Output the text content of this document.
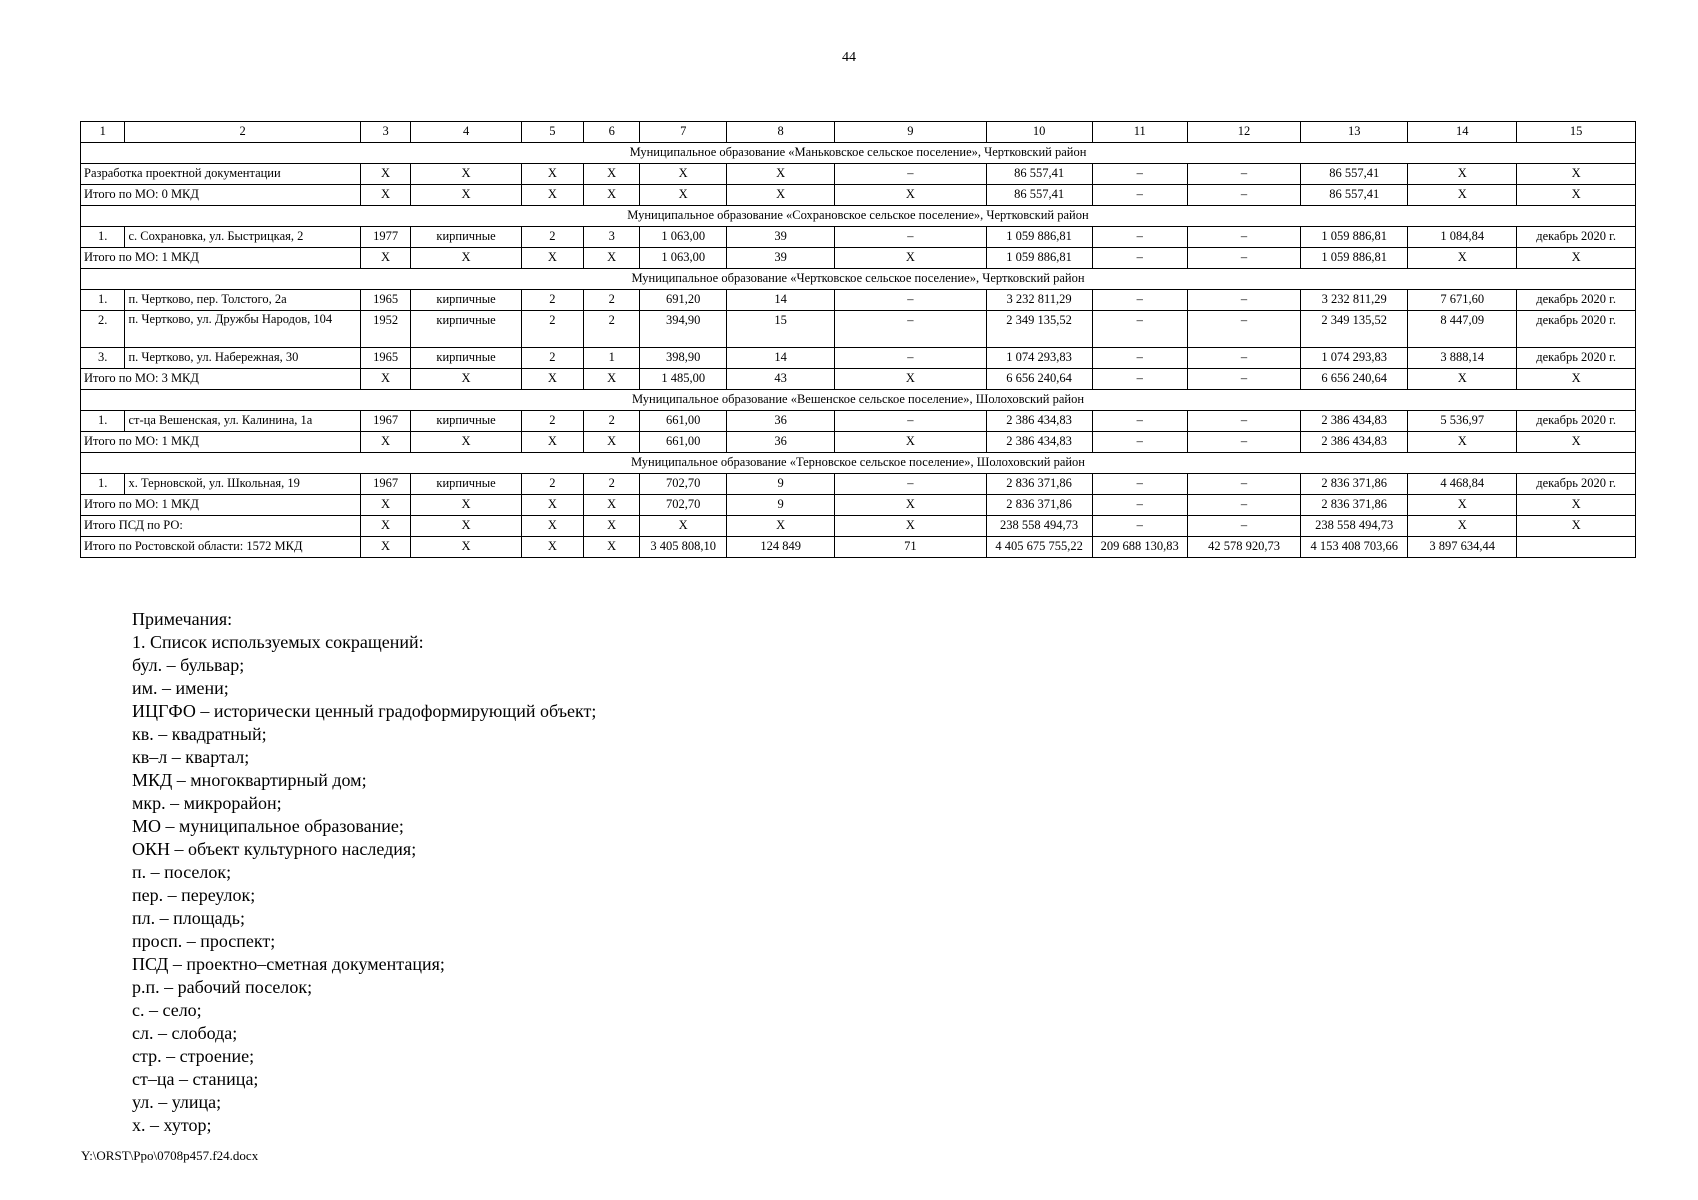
44
1	2	3	4	5	6	7	8	9	10	11	12	13	14	15
Муниципальное образование «Маньковское сельское поселение», Чертковский район														
Разработка проектной документации		Х	Х	Х	Х	Х	Х	–	86 557,41	–	–	86 557,41	Х	Х
Итого по МО: 0 МКД		Х	Х	Х	Х	Х	Х	Х	86 557,41	–	–	86 557,41	Х	Х
Муниципальное образование «Сохрановское сельское поселение», Чертковский район														
1.	с. Сохрановка, ул. Быстрицкая, 2	1977	кирпичные	2	3	1 063,00	39	–	1 059 886,81	–	–	1 059 886,81	1 084,84	декабрь 2020 г.
Итого по МО: 1 МКД		Х	Х	Х	Х	1 063,00	39	Х	1 059 886,81	–	–	1 059 886,81	Х	Х
Муниципальное образование «Чертковское сельское поселение», Чертковский район														
1.	п. Чертково, пер. Толстого, 2а	1965	кирпичные	2	2	691,20	14	–	3 232 811,29	–	–	3 232 811,29	7 671,60	декабрь 2020 г.
2.	п. Чертково, ул. Дружбы Народов, 104	1952	кирпичные	2	2	394,90	15	–	2 349 135,52	–	–	2 349 135,52	8 447,09	декабрь 2020 г.
3.	п. Чертково, ул. Набережная, 30	1965	кирпичные	2	1	398,90	14	–	1 074 293,83	–	–	1 074 293,83	3 888,14	декабрь 2020 г.
Итого по МО: 3 МКД		Х	Х	Х	Х	1 485,00	43	Х	6 656 240,64	–	–	6 656 240,64	Х	Х
Муниципальное образование «Вешенское сельское поселение», Шолоховский район														
1.	ст-ца Вешенская, ул. Калинина, 1а	1967	кирпичные	2	2	661,00	36	–	2 386 434,83	–	–	2 386 434,83	5 536,97	декабрь 2020 г.
Итого по МО: 1 МКД		Х	Х	Х	Х	661,00	36	Х	2 386 434,83	–	–	2 386 434,83	Х	Х
Муниципальное образование «Терновское сельское поселение», Шолоховский район														
1.	х. Терновской, ул. Школьная, 19	1967	кирпичные	2	2	702,70	9	–	2 836 371,86	–	–	2 836 371,86	4 468,84	декабрь 2020 г.
Итого по МО: 1 МКД		Х	Х	Х	Х	702,70	9	Х	2 836 371,86	–	–	2 836 371,86	Х	Х
Итого ПСД по РО:		Х	Х	Х	Х	Х	Х	Х	238 558 494,73	–	–	238 558 494,73	Х	Х
Итого по Ростовской области: 1572 МКД		Х	Х	Х	Х	3 405 808,10	124 849	71	4 405 675 755,22	209 688 130,83	42 578 920,73	4 153 408 703,66	3 897 634,44	
Примечания:
1. Список используемых сокращений:
бул. – бульвар;
им. – имени;
ИЦГФО – исторически ценный градоформирующий объект;
кв. – квадратный;
кв–л – квартал;
МКД – многоквартирный дом;
мкр. – микрорайон;
МО – муниципальное образование;
ОКН – объект культурного наследия;
п. – поселок;
пер. – переулок;
пл. – площадь;
просп. – проспект;
ПСД – проектно–сметная документация;
р.п. – рабочий поселок;
с. – село;
сл. – слобода;
стр. – строение;
ст–ца – станица;
ул. – улица;
х. – хутор;
Y:\ORST\Ppo\0708p457.f24.docx
